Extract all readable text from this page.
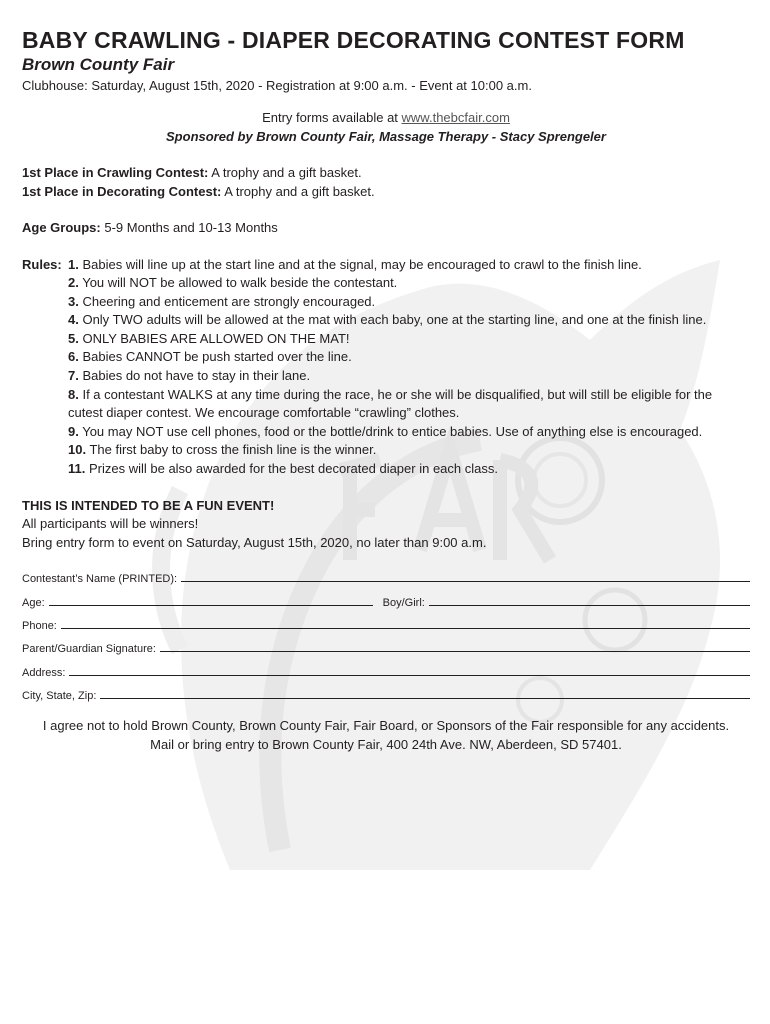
BABY CRAWLING - DIAPER DECORATING CONTEST FORM

Brown County Fair

Clubhouse: Saturday, August 15th, 2020 - Registration at 9:00 a.m. - Event at 10:00 a.m.

Entry forms available at www.thebcfair.com

Sponsored by Brown County Fair, Massage Therapy - Stacy Sprengeler

1st Place in Crawling Contest: A trophy and a gift basket.
1st Place in Decorating Contest: A trophy and a gift basket.
Age Groups: 5-9 Months and 10-13 Months
Rules: 1. Babies will line up at the start line and at the signal, may be encouraged to crawl to the finish line.
2. You will NOT be allowed to walk beside the contestant.
3. Cheering and enticement are strongly encouraged.
4. Only TWO adults will be allowed at the mat with each baby, one at the starting line, and one at the finish line.
5. ONLY BABIES ARE ALLOWED ON THE MAT!
6. Babies CANNOT be push started over the line.
7. Babies do not have to stay in their lane.
8. If a contestant WALKS at any time during the race, he or she will be disqualified, but will still be eligible for the cutest diaper contest. We encourage comfortable “crawling” clothes.
9. You may NOT use cell phones, food or the bottle/drink to entice babies. Use of anything else is encouraged.
10. The first baby to cross the finish line is the winner.
11. Prizes will be also awarded for the best decorated diaper in each class.
THIS IS INTENDED TO BE A FUN EVENT!
All participants will be winners!
Bring entry form to event on Saturday, August 15th, 2020, no later than 9:00 a.m.
Contestant’s Name (PRINTED):
Age:	Boy/Girl:
Phone:
Parent/Guardian Signature:
Address:
City, State, Zip:
I agree not to hold Brown County, Brown County Fair, Fair Board, or Sponsors of the Fair responsible for any accidents.
Mail or bring entry to Brown County Fair, 400 24th Ave. NW, Aberdeen, SD 57401.
